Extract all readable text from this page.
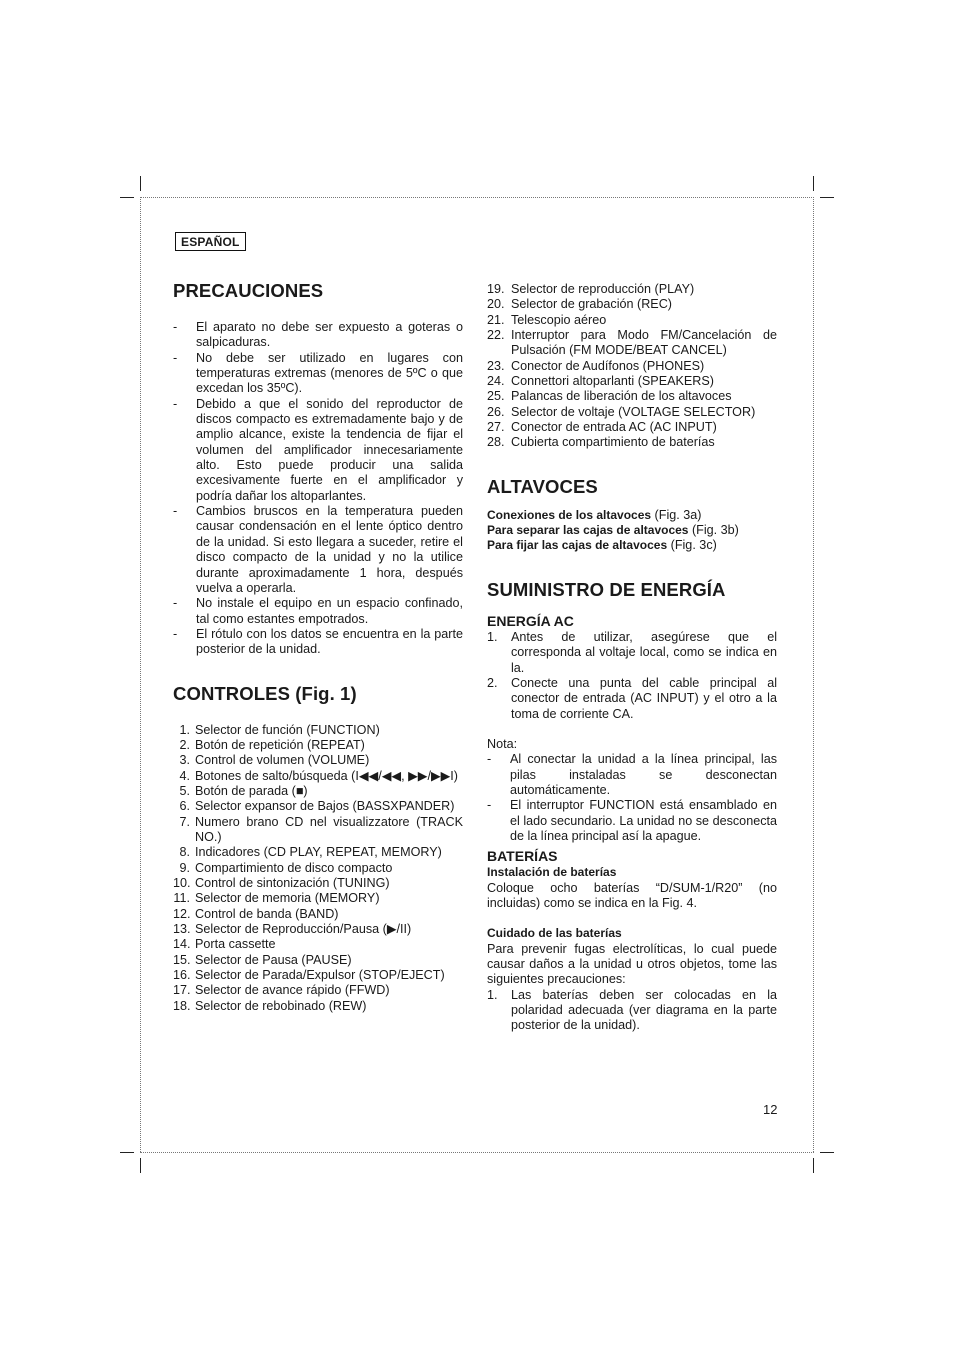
ESPAÑOL
PRECAUCIONES
- El aparato no debe ser expuesto a goteras o salpicaduras.
- No debe ser utilizado en lugares con temperaturas extremas (menores de 5ºC o que excedan los 35ºC).
- Debido a que el sonido del reproductor de discos compacto es extremadamente bajo y de amplio alcance, existe la tendencia de fijar el volumen del amplificador innecesariamente alto. Esto puede producir una salida excesivamente fuerte en el amplificador y podría dañar los altoparlantes.
- Cambios bruscos en la temperatura pueden causar condensación en el lente óptico dentro de la unidad. Si esto llegara a suceder, retire el disco compacto de la unidad y no la utilice durante aproximadamente 1 hora, después vuelva a operarla.
- No instale el equipo en un espacio confinado, tal como estantes empotrados.
- El rótulo con los datos se encuentra en la parte posterior de la unidad.
CONTROLES (Fig. 1)
1. Selector de función (FUNCTION)
2. Botón de repetición (REPEAT)
3. Control de volumen (VOLUME)
4. Botones de salto/búsqueda (I◀◀/◀◀, ▶▶/▶▶I)
5. Botón de parada (■)
6. Selector expansor de Bajos (BASSXPANDER)
7. Numero brano CD nel visualizzatore (TRACK NO.)
8. Indicadores (CD PLAY, REPEAT, MEMORY)
9. Compartimiento de disco compacto
10. Control de sintonización (TUNING)
11. Selector de memoria (MEMORY)
12. Control de banda (BAND)
13. Selector de Reproducción/Pausa (▶/II)
14. Porta cassette
15. Selector de Pausa (PAUSE)
16. Selector de Parada/Expulsor (STOP/EJECT)
17. Selector de avance rápido (FFWD)
18. Selector de rebobinado (REW)
19. Selector de reproducción (PLAY)
20. Selector de grabación (REC)
21. Telescopio aéreo
22. Interruptor para Modo FM/Cancelación de Pulsación (FM MODE/BEAT CANCEL)
23. Conector de Audífonos (PHONES)
24. Connettori altoparlanti (SPEAKERS)
25. Palancas de liberación de los altavoces
26. Selector de voltaje (VOLTAGE SELECTOR)
27. Conector de entrada AC (AC INPUT)
28. Cubierta compartimiento de baterías
ALTAVOCES
Conexiones de los altavoces (Fig. 3a)
Para separar las cajas de altavoces (Fig. 3b)
Para fijar las cajas de altavoces (Fig. 3c)
SUMINISTRO DE ENERGÍA
ENERGÍA AC
1. Antes de utilizar, asegúrese que el corresponda al voltaje local, como se indica en la.
2. Conecte una punta del cable principal al conector de entrada (AC INPUT) y el otro a la toma de corriente CA.
Nota:
- Al conectar la unidad a la línea principal, las pilas instaladas se desconectan automáticamente.
- El interruptor FUNCTION está ensamblado en el lado secundario. La unidad no se desconecta de la línea principal así la apague.
BATERÍAS
Instalación de baterías
Coloque ocho baterías “D/SUM-1/R20” (no incluidas) como se indica en la Fig. 4.
Cuidado de las baterías
Para prevenir fugas electrolíticas, lo cual puede causar daños a la unidad u otros objetos, tome las siguientes precauciones:
1. Las baterías deben ser colocadas en la polaridad adecuada (ver diagrama en la parte posterior de la unidad).
12
